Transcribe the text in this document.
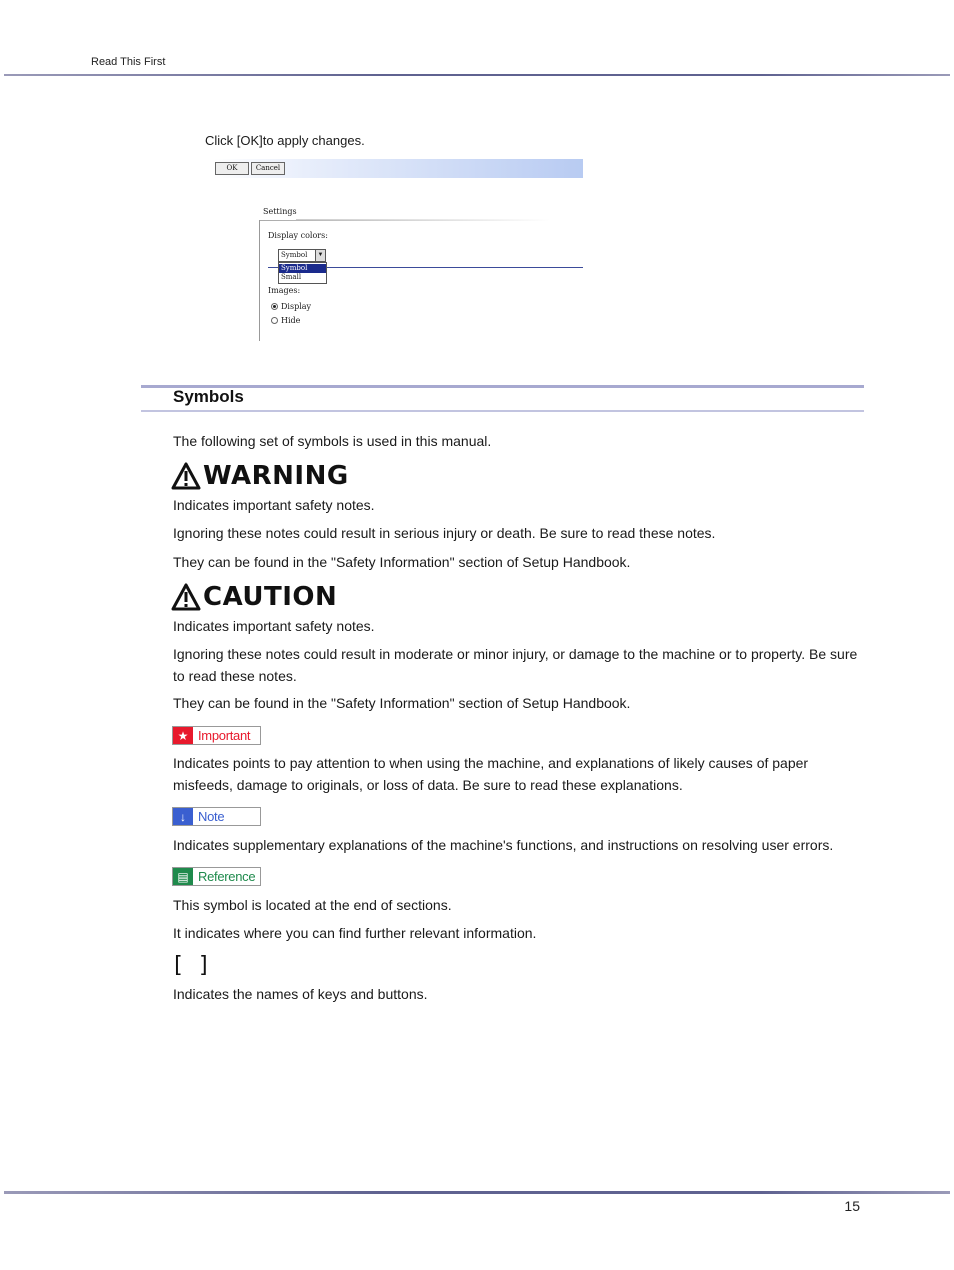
Read This First
Click [OK]to apply changes.
OK	Cancel
Settings
Display colors:
Symbol	▼
Symbol
Small
Images:
Display
Hide
Symbols
The following set of symbols is used in this manual.
WARNING
Indicates important safety notes.
Ignoring these notes could result in serious injury or death. Be sure to read these notes.
They can be found in the "Safety Information" section of Setup Handbook.
CAUTION
Indicates important safety notes.
Ignoring these notes could result in moderate or minor injury, or damage to the machine or to property. Be sure to read these notes.
They can be found in the "Safety Information" section of Setup Handbook.
★ Important
Indicates points to pay attention to when using the machine, and explanations of likely causes of paper misfeeds, damage to originals, or loss of data. Be sure to read these explanations.
↓ Note
Indicates supplementary explanations of the machine's functions, and instructions on resolving user errors.
▤ Reference
This symbol is located at the end of sections.
It indicates where you can find further relevant information.
[ ]
Indicates the names of keys and buttons.
15
